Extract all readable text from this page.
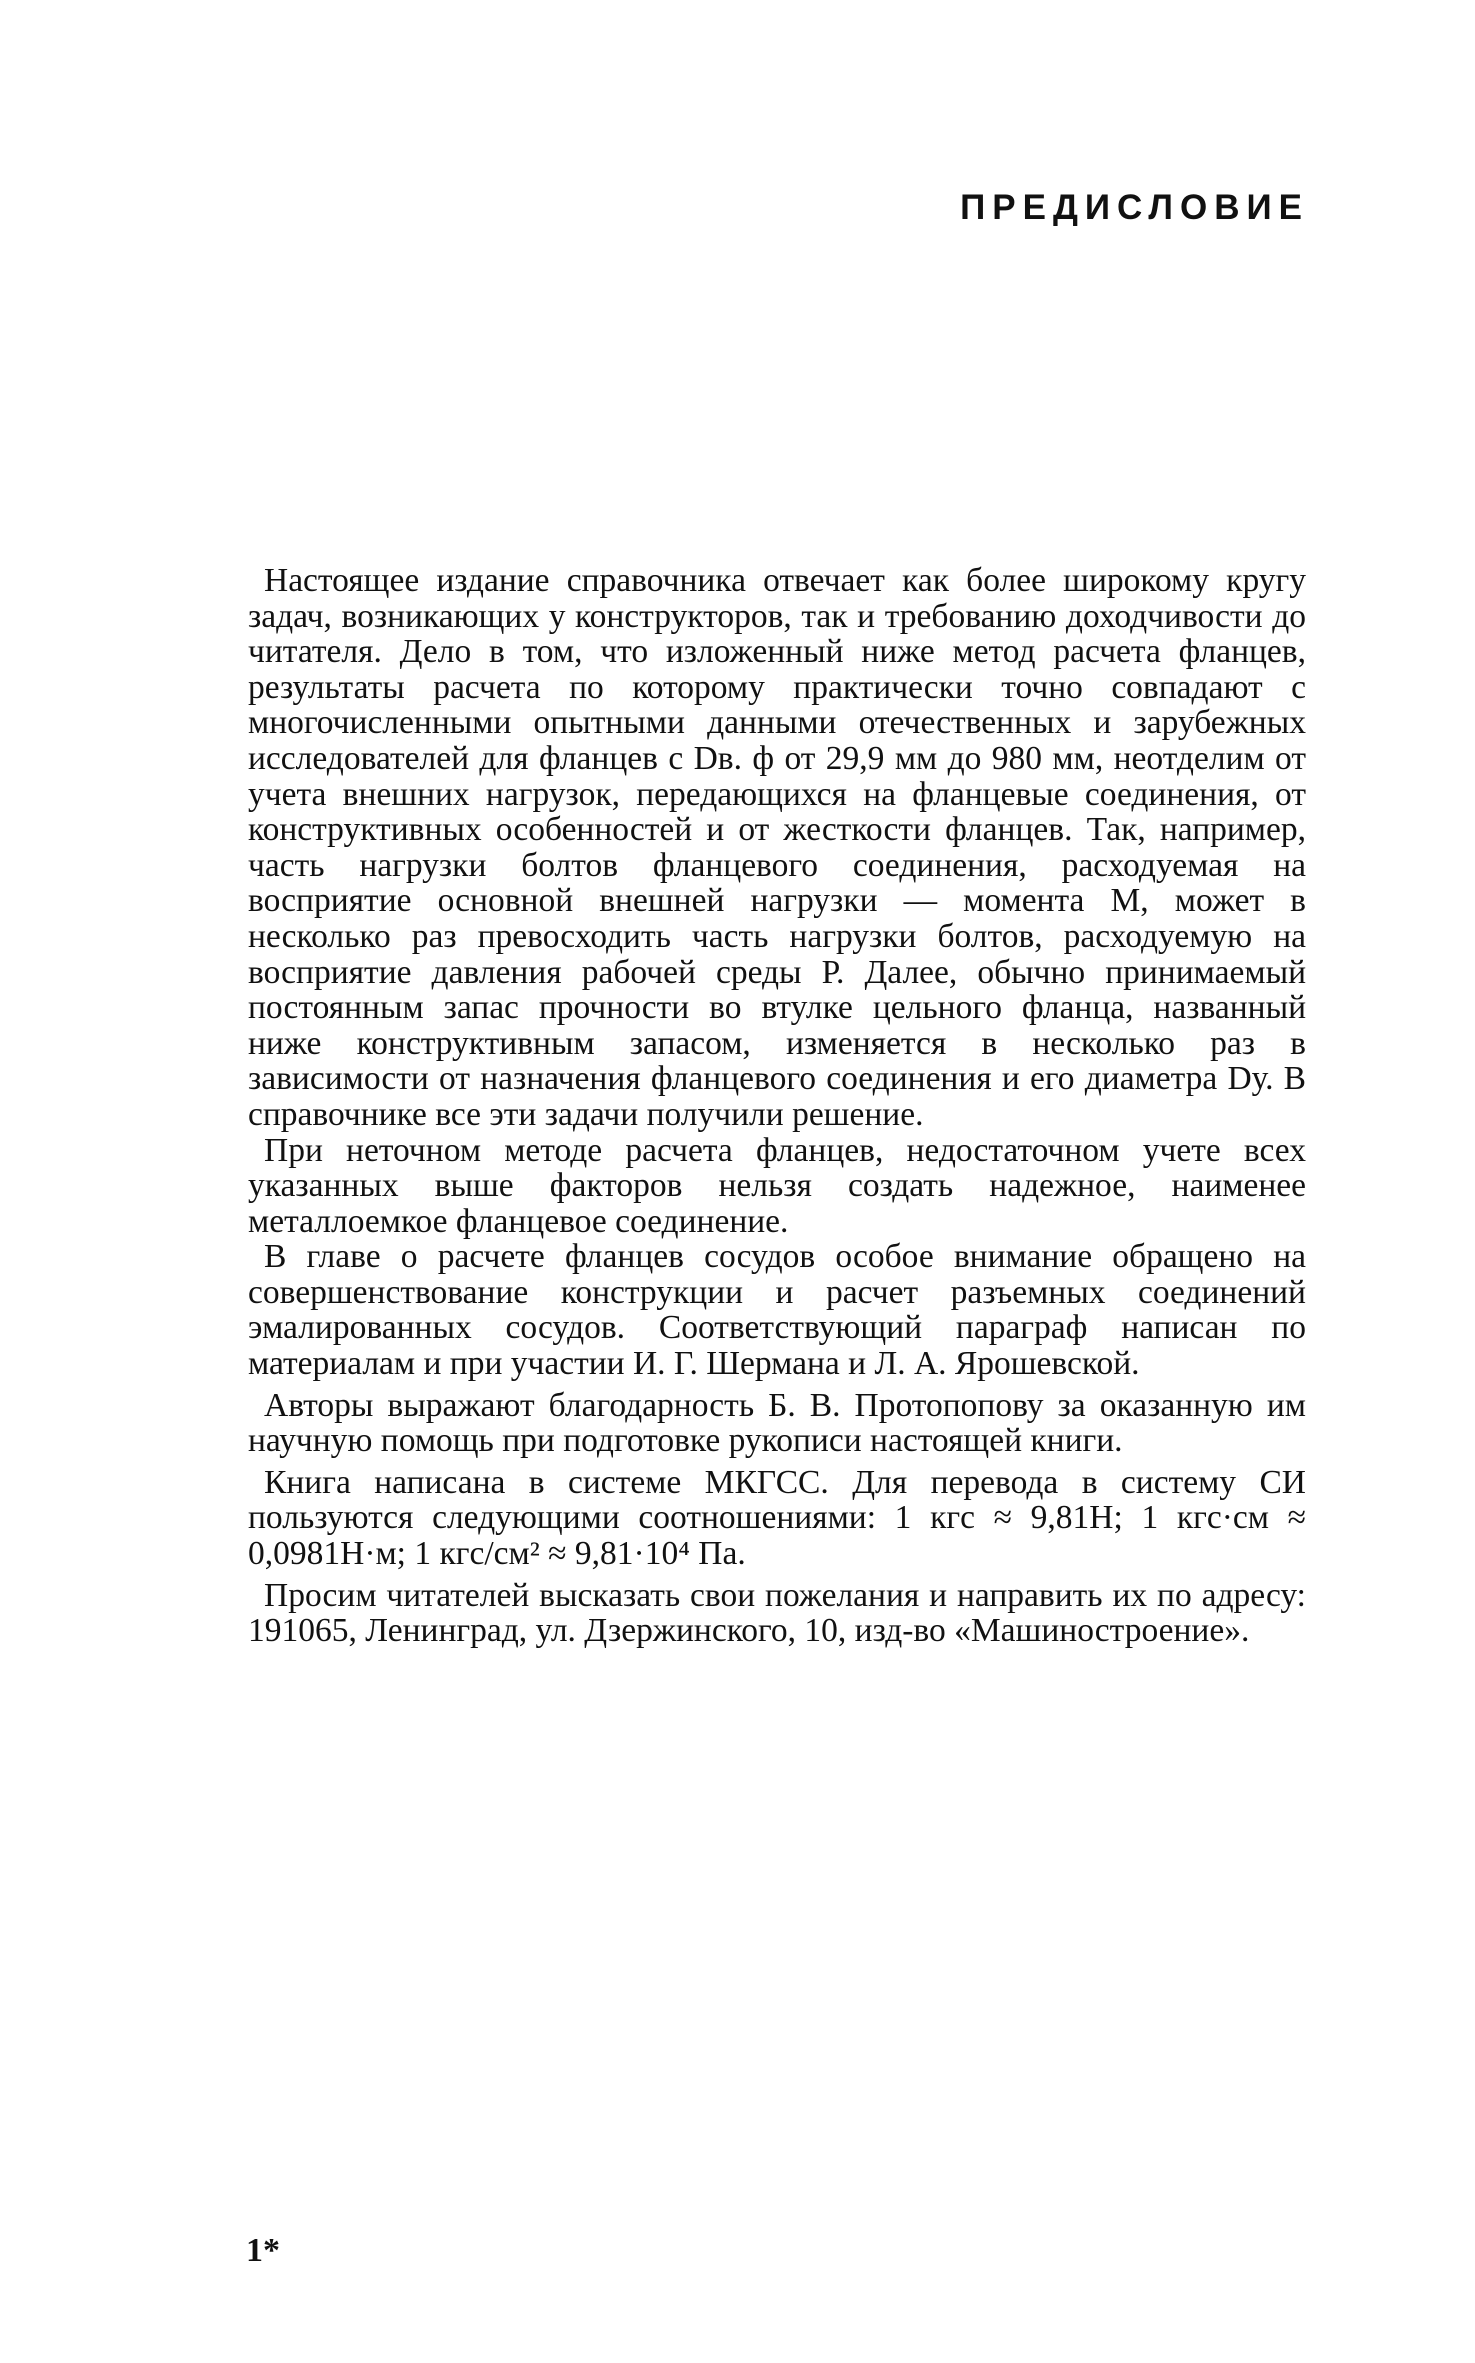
ПРЕДИСЛОВИЕ

Настоящее издание справочника отвечает как более широкому кругу задач, возникающих у конструкторов, так и требованию доходчивости до читателя. Дело в том, что изложенный ниже метод расчета фланцев, результаты расчета по которому практически точно совпадают с многочисленными опытными данными отечественных и зарубежных исследователей для фланцев с Dв. ф от 29,9 мм до 980 мм, неотделим от учета внешних нагрузок, передающихся на фланцевые соединения, от конструктивных особенностей и от жесткости фланцев. Так, например, часть нагрузки болтов фланцевого соединения, расходуемая на восприятие основной внешней нагрузки — момента М, может в несколько раз превосходить часть нагрузки болтов, расходуемую на восприятие давления рабочей среды Р. Далее, обычно принимаемый постоянным запас прочности во втулке цельного фланца, названный ниже конструктивным запасом, изменяется в несколько раз в зависимости от назначения фланцевого соединения и его диаметра Dу. В справочнике все эти задачи получили решение.

При неточном методе расчета фланцев, недостаточном учете всех указанных выше факторов нельзя создать надежное, наименее металлоемкое фланцевое соединение.

В главе о расчете фланцев сосудов особое внимание обращено на совершенствование конструкции и расчет разъемных соединений эмалированных сосудов. Соответствующий параграф написан по материалам и при участии И. Г. Шермана и Л. А. Ярошевской.

Авторы выражают благодарность Б. В. Протопопову за оказанную им научную помощь при подготовке рукописи настоящей книги.

Книга написана в системе МКГСС. Для перевода в систему СИ пользуются следующими соотношениями: 1 кгс ≈ 9,81Н; 1 кгс·см ≈ 0,0981Н·м; 1 кгс/см² ≈ 9,81·10⁴ Па.

Просим читателей высказать свои пожелания и направить их по адресу: 191065, Ленинград, ул. Дзержинского, 10, изд-во «Машиностроение».

1*
